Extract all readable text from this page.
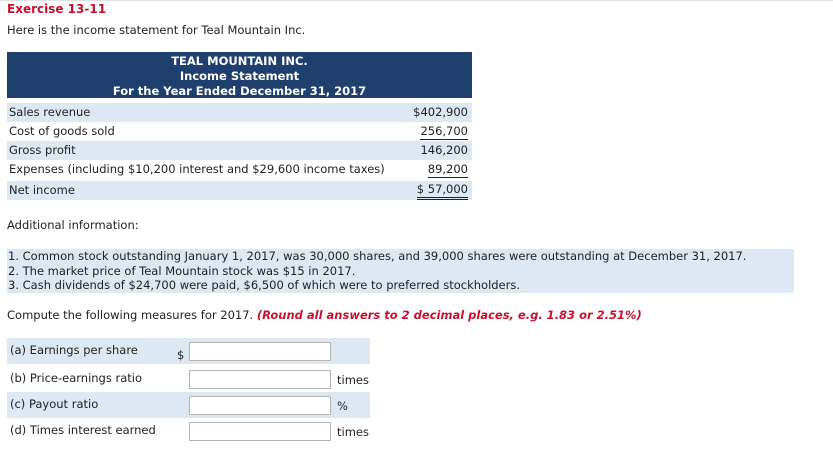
Exercise 13-11
Here is the income statement for Teal Mountain Inc.
TEAL MOUNTAIN INC.
Income Statement
For the Year Ended December 31, 2017
Sales revenue	$402,900
Cost of goods sold	256,700
Gross profit	146,200
Expenses (including $10,200 interest and $29,600 income taxes)	89,200
Net income	$ 57,000
Additional information:
1. Common stock outstanding January 1, 2017, was 30,000 shares, and 39,000 shares were outstanding at December 31, 2017.
2. The market price of Teal Mountain stock was $15 in 2017.
3. Cash dividends of $24,700 were paid, $6,500 of which were to preferred stockholders.
Compute the following measures for 2017. (Round all answers to 2 decimal places, e.g. 1.83 or 2.51%)
(a) Earnings per share	$
(b) Price-earnings ratio	times
(c) Payout ratio	%
(d) Times interest earned	times
